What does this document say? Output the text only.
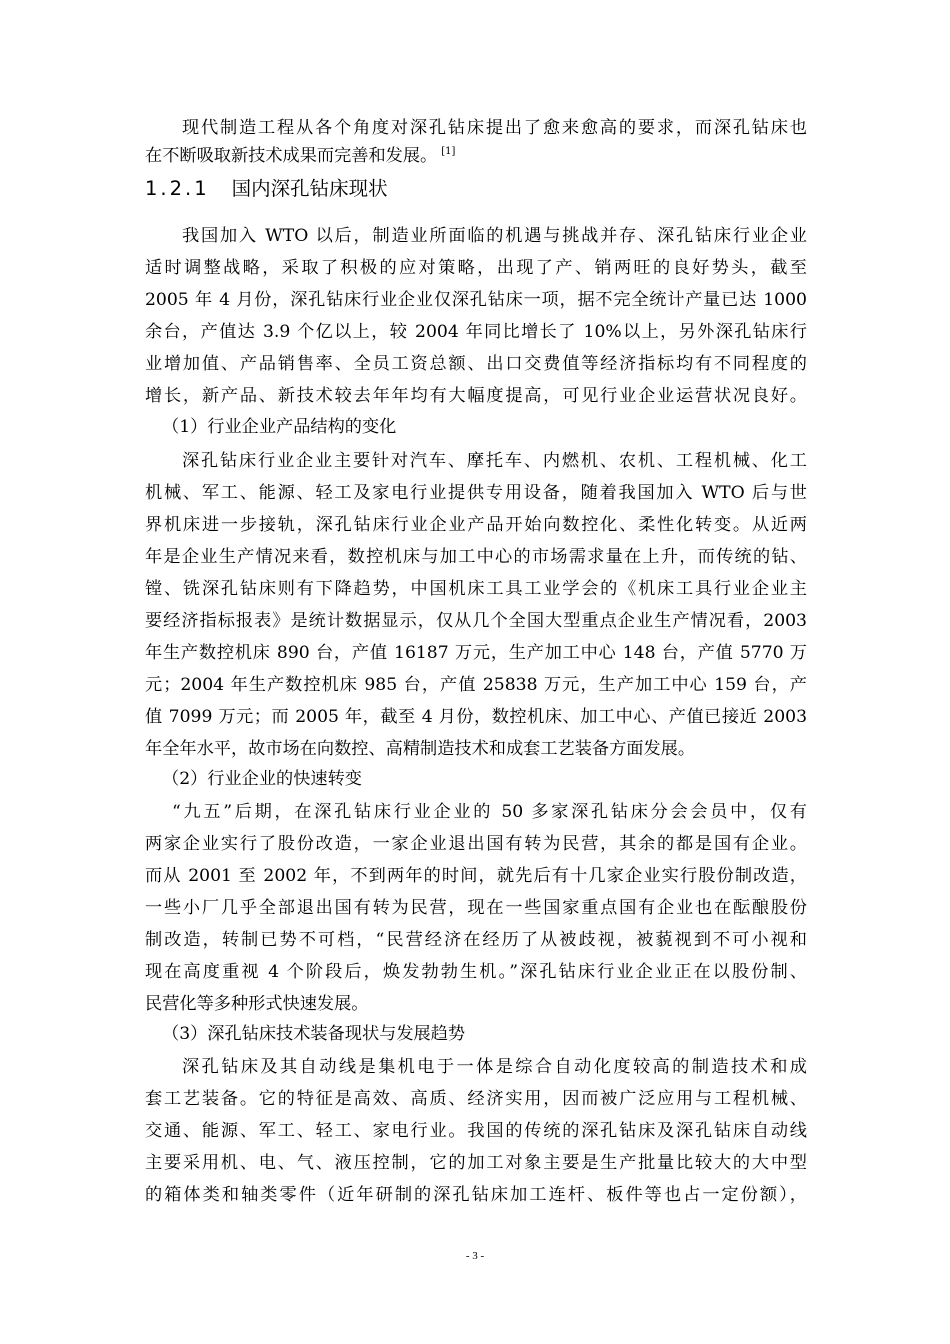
现代制造工程从各个角度对深孔钻床提出了愈来愈高的要求，而深孔钻床也
在不断吸取新技术成果而完善和发展。 [1]
1.2.1 国内深孔钻床现状
我国加入 WTO 以后，制造业所面临的机遇与挑战并存、深孔钻床行业企业
适时调整战略，采取了积极的应对策略，出现了产、销两旺的良好势头，截至
2005 年 4 月份，深孔钻床行业企业仅深孔钻床一项，据不完全统计产量已达 1000
余台，产值达 3.9 个亿以上，较 2004 年同比增长了 10%以上，另外深孔钻床行
业增加值、产品销售率、全员工资总额、出口交费值等经济指标均有不同程度的
增长，新产品、新技术较去年年均有大幅度提高，可见行业企业运营状况良好。
（1）行业企业产品结构的变化
深孔钻床行业企业主要针对汽车、摩托车、内燃机、农机、工程机械、化工
机械、军工、能源、轻工及家电行业提供专用设备，随着我国加入 WTO 后与世
界机床进一步接轨，深孔钻床行业企业产品开始向数控化、柔性化转变。从近两
年是企业生产情况来看，数控机床与加工中心的市场需求量在上升，而传统的钻、
镗、铣深孔钻床则有下降趋势，中国机床工具工业学会的《机床工具行业企业主
要经济指标报表》是统计数据显示，仅从几个全国大型重点企业生产情况看，2003
年生产数控机床 890 台，产值 16187 万元，生产加工中心 148 台，产值 5770 万
元；2004 年生产数控机床 985 台，产值 25838 万元，生产加工中心 159 台，产
值 7099 万元；而 2005 年，截至 4 月份，数控机床、加工中心、产值已接近 2003
年全年水平，故市场在向数控、高精制造技术和成套工艺装备方面发展。
（2）行业企业的快速转变
“九五”后期，在深孔钻床行业企业的 50 多家深孔钻床分会会员中，仅有
两家企业实行了股份改造，一家企业退出国有转为民营，其余的都是国有企业。
而从 2001 至 2002 年，不到两年的时间，就先后有十几家企业实行股份制改造，
一些小厂几乎全部退出国有转为民营，现在一些国家重点国有企业也在酝酿股份
制改造，转制已势不可档，“民营经济在经历了从被歧视，被藐视到不可小视和
现在高度重视 4 个阶段后，焕发勃勃生机。”深孔钻床行业企业正在以股份制、
民营化等多种形式快速发展。
（3）深孔钻床技术装备现状与发展趋势
深孔钻床及其自动线是集机电于一体是综合自动化度较高的制造技术和成
套工艺装备。它的特征是高效、高质、经济实用，因而被广泛应用与工程机械、
交通、能源、军工、轻工、家电行业。我国的传统的深孔钻床及深孔钻床自动线
主要采用机、电、气、液压控制，它的加工对象主要是生产批量比较大的大中型
的箱体类和轴类零件（近年研制的深孔钻床加工连杆、板件等也占一定份额），
- 3 -
